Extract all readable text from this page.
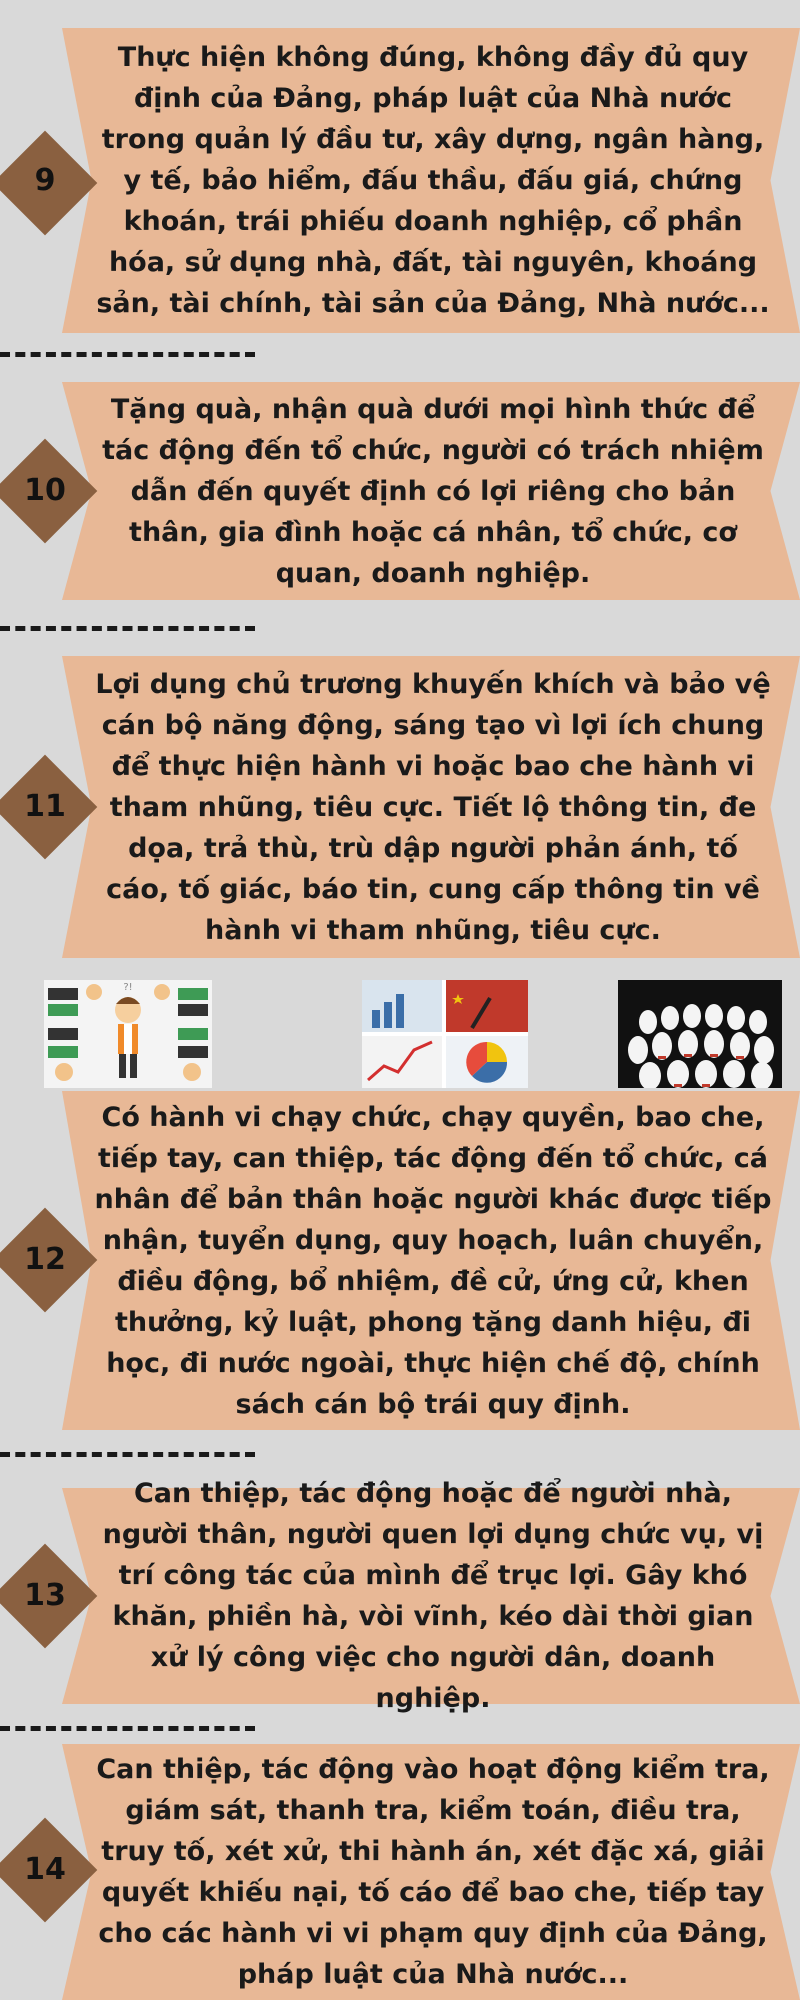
9
Thực hiện không đúng, không đầy đủ quy định của Đảng, pháp luật của Nhà nước trong quản lý đầu tư, xây dựng, ngân hàng, y tế, bảo hiểm, đấu thầu, đấu giá, chứng khoán, trái phiếu doanh nghiệp, cổ phần hóa, sử dụng nhà, đất, tài nguyên, khoáng sản, tài chính, tài sản của Đảng, Nhà nước...
10
Tặng quà, nhận quà dưới mọi hình thức để tác động đến tổ chức, người có trách nhiệm dẫn đến quyết định có lợi riêng cho bản thân, gia đình hoặc cá nhân, tổ chức, cơ quan, doanh nghiệp.
11
Lợi dụng chủ trương khuyến khích và bảo vệ cán bộ năng động, sáng tạo vì lợi ích chung để thực hiện hành vi hoặc bao che hành vi tham nhũng, tiêu cực. Tiết lộ thông tin, đe dọa, trả thù, trù dập người phản ánh, tố cáo, tố giác, báo tin, cung cấp thông tin về hành vi tham nhũng, tiêu cực.
?!
12
Có hành vi chạy chức, chạy quyền, bao che, tiếp tay, can thiệp, tác động đến tổ chức, cá nhân để bản thân hoặc người khác được tiếp nhận, tuyển dụng, quy hoạch, luân chuyển, điều động, bổ nhiệm, đề cử, ứng cử, khen thưởng, kỷ luật, phong tặng danh hiệu, đi học, đi nước ngoài, thực hiện chế độ, chính sách cán bộ trái quy định.
13
Can thiệp, tác động hoặc để người nhà, người thân, người quen lợi dụng chức vụ, vị trí công tác của mình để trục lợi. Gây khó khăn, phiền hà, vòi vĩnh, kéo dài thời gian xử lý công việc cho người dân, doanh nghiệp.
14
Can thiệp, tác động vào hoạt động kiểm tra, giám sát, thanh tra, kiểm toán, điều tra, truy tố, xét xử, thi hành án, xét đặc xá, giải quyết khiếu nại, tố cáo để bao che, tiếp tay cho các hành vi vi phạm quy định của Đảng, pháp luật của Nhà nước...
